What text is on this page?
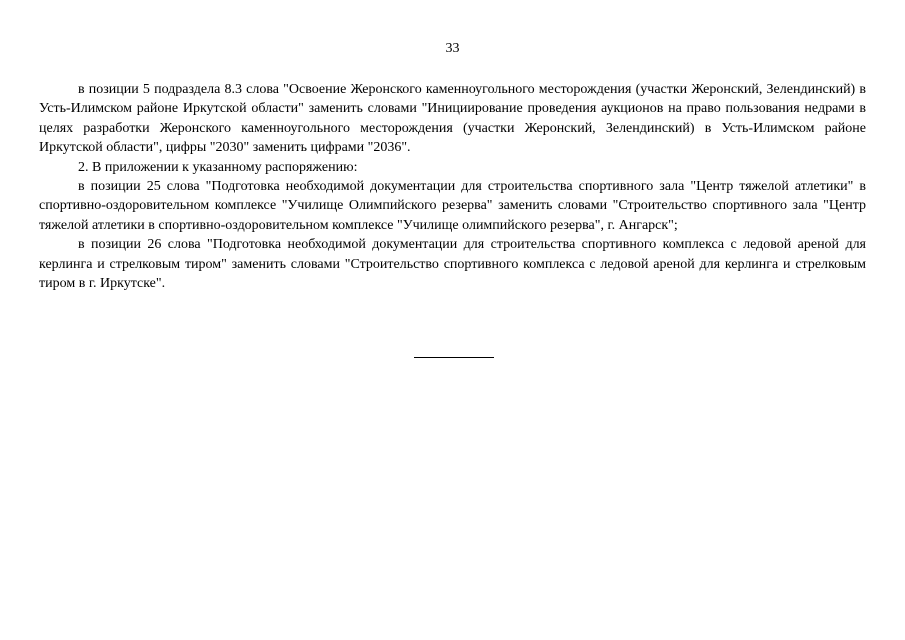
33

в позиции 5 подраздела 8.3 слова "Освоение Жеронского каменноугольного месторождения (участки Жеронский, Зелендинский) в Усть-Илимском районе Иркутской области" заменить словами "Инициирование проведения аукционов на право пользования недрами в целях разработки Жеронского каменноугольного месторождения (участки Жеронский, Зелендинский) в Усть-Илимском районе Иркутской области", цифры "2030" заменить цифрами "2036".

2. В приложении к указанному распоряжению:

в позиции 25 слова "Подготовка необходимой документации для строительства спортивного зала "Центр тяжелой атлетики" в спортивно-оздоровительном комплексе "Училище Олимпийского резерва" заменить словами "Строительство спортивного зала "Центр тяжелой атлетики в спортивно-оздоровительном комплексе "Училище олимпийского резерва", г. Ангарск";

в позиции 26 слова "Подготовка необходимой документации для строительства спортивного комплекса с ледовой ареной для керлинга и стрелковым тиром" заменить словами "Строительство спортивного комплекса с ледовой ареной для керлинга и стрелковым тиром в г. Иркутске".
